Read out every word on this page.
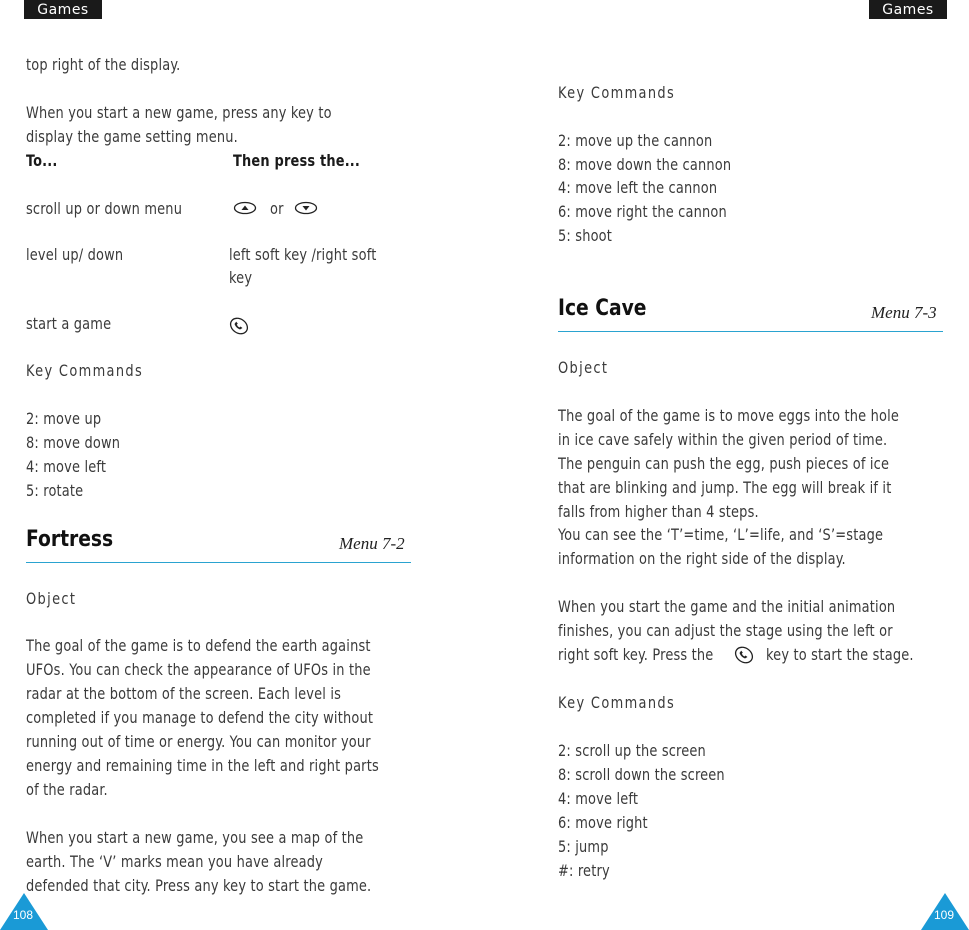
Games	Games
top right of the display.
When you start a new game, press any key to
display the game setting menu.
To...	Then press the...
scroll up or down menu	or
level up/ down	left soft key /right soft
key
start a game
Key Commands
2: move up
8: move down
4: move left
5: rotate
Fortress	Menu 7-2
Object
The goal of the game is to defend the earth against
UFOs. You can check the appearance of UFOs in the
radar at the bottom of the screen. Each level is
completed if you manage to defend the city without
running out of time or energy. You can monitor your
energy and remaining time in the left and right parts
of the radar.
When you start a new game, you see a map of the
earth. The ‘V’ marks mean you have already
defended that city. Press any key to start the game.
108
Key Commands
2: move up the cannon
8: move down the cannon
4: move left the cannon
6: move right the cannon
5: shoot
Ice Cave	Menu 7-3
Object
The goal of the game is to move eggs into the hole
in ice cave safely within the given period of time.
The penguin can push the egg, push pieces of ice
that are blinking and jump. The egg will break if it
falls from higher than 4 steps.
You can see the ‘T’=time, ‘L’=life, and ‘S’=stage
information on the right side of the display.
When you start the game and the initial animation
finishes, you can adjust the stage using the left or
right soft key. Press the	key to start the stage.
Key Commands
2: scroll up the screen
8: scroll down the screen
4: move left
6: move right
5: jump
#: retry
109
